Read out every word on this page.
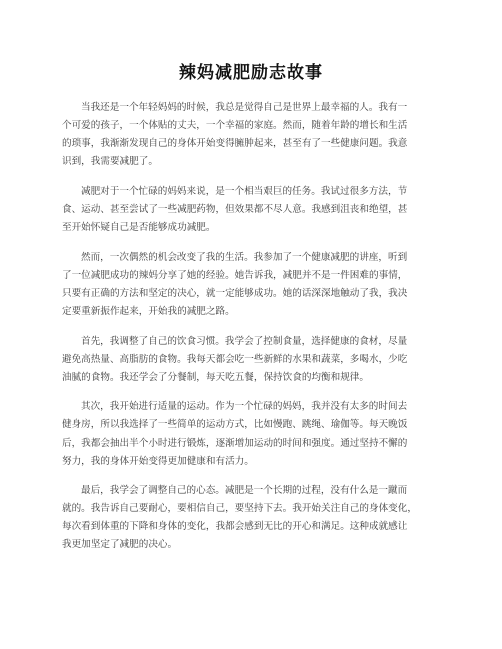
辣妈减肥励志故事

当我还是一个年轻妈妈的时候，我总是觉得自己是世界上最幸福的人。我有一
个可爱的孩子，一个体贴的丈夫，一个幸福的家庭。然而，随着年龄的增长和生活
的琐事，我渐渐发现自己的身体开始变得臃肿起来，甚至有了一些健康问题。我意
识到，我需要减肥了。

减肥对于一个忙碌的妈妈来说，是一个相当艰巨的任务。我试过很多方法，节
食、运动、甚至尝试了一些减肥药物，但效果都不尽人意。我感到沮丧和绝望，甚
至开始怀疑自己是否能够成功减肥。

然而，一次偶然的机会改变了我的生活。我参加了一个健康减肥的讲座，听到
了一位减肥成功的辣妈分享了她的经验。她告诉我，减肥并不是一件困难的事情，
只要有正确的方法和坚定的决心，就一定能够成功。她的话深深地触动了我，我决
定要重新振作起来，开始我的减肥之路。

首先，我调整了自己的饮食习惯。我学会了控制食量，选择健康的食材，尽量
避免高热量、高脂肪的食物。我每天都会吃一些新鲜的水果和蔬菜，多喝水，少吃
油腻的食物。我还学会了分餐制，每天吃五餐，保持饮食的均衡和规律。

其次，我开始进行适量的运动。作为一个忙碌的妈妈，我并没有太多的时间去
健身房，所以我选择了一些简单的运动方式，比如慢跑、跳绳、瑜伽等。每天晚饭
后，我都会抽出半个小时进行锻炼，逐渐增加运动的时间和强度。通过坚持不懈的
努力，我的身体开始变得更加健康和有活力。

最后，我学会了调整自己的心态。减肥是一个长期的过程，没有什么是一蹴而
就的。我告诉自己要耐心，要相信自己，要坚持下去。我开始关注自己的身体变化，
每次看到体重的下降和身体的变化，我都会感到无比的开心和满足。这种成就感让
我更加坚定了减肥的决心。
